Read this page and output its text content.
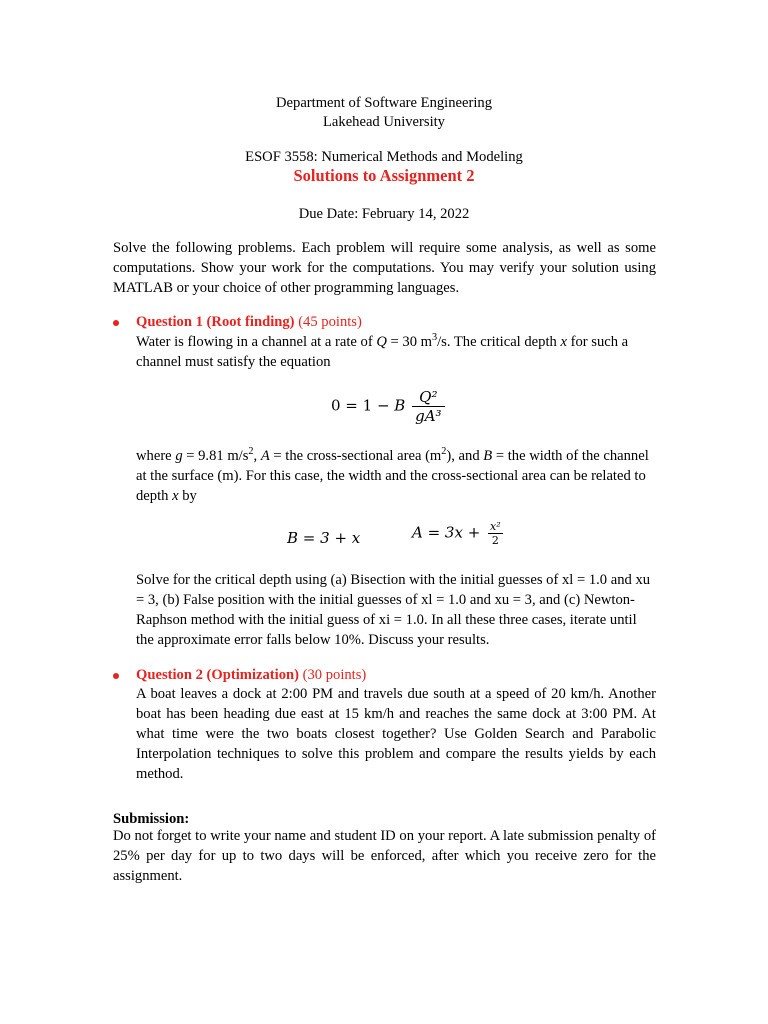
Department of Software Engineering
Lakehead University
ESOF 3558: Numerical Methods and Modeling
Solutions to Assignment 2
Due Date: February 14, 2022
Solve the following problems. Each problem will require some analysis, as well as some computations. Show your work for the computations. You may verify your solution using MATLAB or your choice of other programming languages.
Question 1 (Root finding) (45 points)
Water is flowing in a channel at a rate of Q = 30 $m^3/s$. The critical depth x for such a channel must satisfy the equation
0 = 1 − B $\frac{\text{Q²}}{\text{gA³}}$
where g = 9.81 $m/s^2$, A = the cross-sectional area $(m^2)$, and B = the width of the channel at the surface (m). For this case, the width and the cross-sectional area can be related to depth x by
B = 3 + x	$A = 3x + \frac{\text{x²}}{2}$
Solve for the critical depth using (a) Bisection with the initial guesses of xl = 1.0 and xu = 3, (b) False position with the initial guesses of xl = 1.0 and xu = 3, and (c) Newton-Raphson method with the initial guess of xi = 1.0. In all these three cases, iterate until the approximate error falls below 10%. Discuss your results.
Question 2 (Optimization) (30 points)
A boat leaves a dock at 2:00 PM and travels due south at a speed of 20 km/h. Another boat has been heading due east at 15 km/h and reaches the same dock at 3:00 PM. At what time were the two boats closest together? Use Golden Search and Parabolic Interpolation techniques to solve this problem and compare the results yields by each method.
Submission:
Do not forget to write your name and student ID on your report. A late submission penalty of 25% per day for up to two days will be enforced, after which you receive zero for the assignment.
